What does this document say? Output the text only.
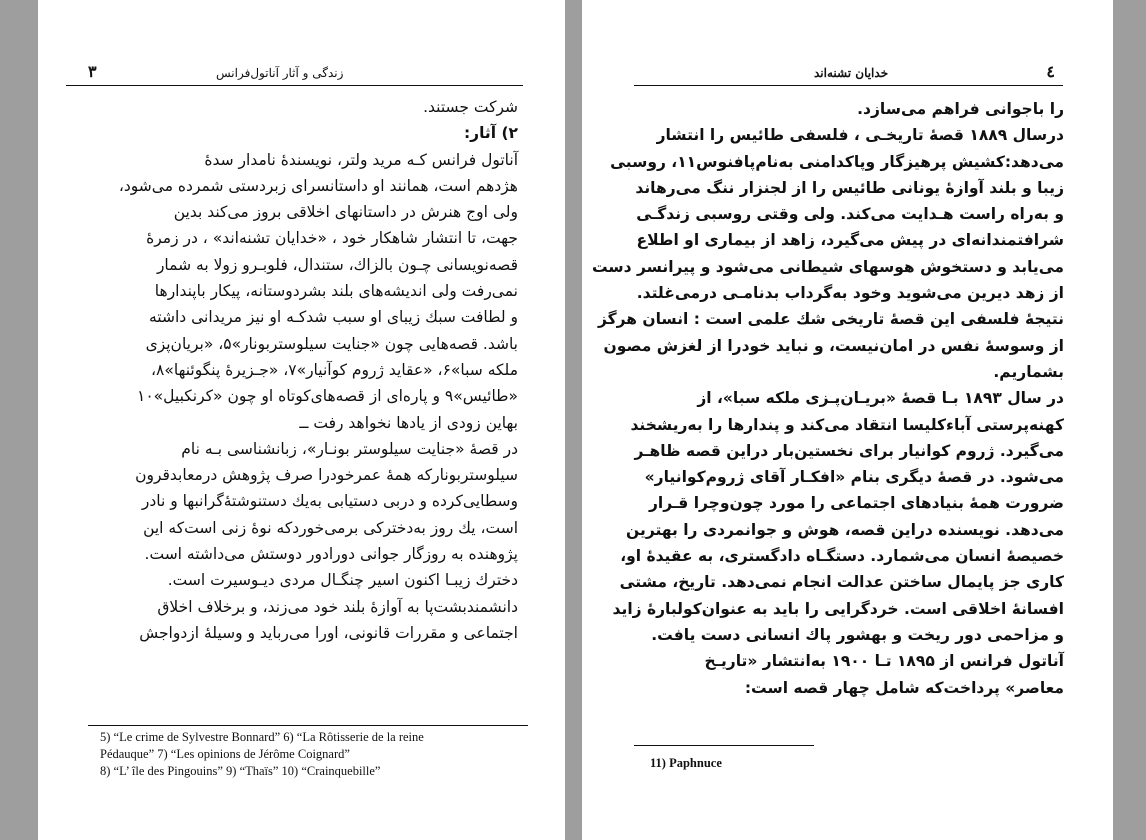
۳	زندگی و آثار آناتول‌فرانس
شرکت جستند.
۲) آثار:
آناتول فرانس کـه مرید ولتر، نویسندهٔ نامدار سدهٔ
هژدهم است، همانند او داستانسرای زبردستی شمرده می‌شود،
ولی اوج هنرش در داستانهای اخلاقی بروز می‌کند بدین
جهت، تا انتشار شاهکار خود ، «خدایان تشنه‌اند» ، در زمرهٔ
قصه‌نویسانی چـون بالزاك، ستندال، فلوبـرو زولا به شمار
نمی‌رفت ولی اندیشه‌های بلند بشردوستانه، پیکار باپندارها
و لطافت سبك زیبای او سبب شدکـه او نیز مریدانی داشته
باشد. قصه‌هایی چون «جنایت سیلوستربونار»۵، «بریان‌پزی
ملکه سبا»۶، «عقاید ژروم کوآنیار»۷، «جـزیرهٔ پنگوئنها»۸،
«طائیس»۹ و پاره‌ای از قصه‌های‌کوتاه او چون «کرنکبیل»۱۰
بهاین زودی از یادها نخواهد رفت ــ
در قصهٔ «جنایت سیلوستر بونـار»، زبانشناسی بـه نام
سیلوستربونارکه همهٔ عمرخودرا صرف پژوهش درمعابدقرون
وسطایی‌کرده و دربی دستیابی به‌یك دستنوشتهٔ‌گرانبها و نادر
است، یك روز به‌دختر‌کی برمی‌خورد‌که نوهٔ زنی است‌که این
پژوهنده به روزگار جوانی دورادور دوستش می‌داشته است.
دخترك زیبـا اکنون اسیر چنگـال مردی دیـوسیرت است.
دانشمندبشت‌پا به آوازهٔ بلند خود می‌زند، و برخلاف اخلاق
اجتماعی و مقررات قانونی، اورا می‌رباید و وسیلهٔ ازدواجش
5) “Le crime de Sylvestre Bonnard” 6) “La Rôtisserie de la reine
Pédauque” 7) “Les opinions de Jérôme Coignard”
8) “L’ île des Pingouins” 9) “Thaïs” 10) “Crainquebille”
خدایان تشنه‌اند	٤
را باجوانی فراهم می‌سازد.
درسال ۱۸۸۹ قصهٔ تاریخـی ، فلسفی طائیس را انتشار
می‌دهد:کشیش پرهیزگار وپاکدامنی به‌نام‌پافنوس۱۱، روسبی
زیبا و بلند آوازهٔ یونانی طائیس را از لجنزار ننگ می‌رهاند
و به‌راه راست هـدایت می‌کند. ولی وقتی روسبی زندگـی
شرافتمندانه‌ای در پیش می‌گیرد، زاهد از بیماری او اطلاع
می‌یابد و دستخوش هوسهای شیطانی می‌شود و پیرانسر دست
از زهد دیرین می‌شوید وخود به‌گرداب بدنامـی درمی‌غلتد.
نتیجهٔ فلسفی این قصهٔ تاریخی شك علمی است : انسان هرگز
از وسوسهٔ نفس در امان‌نیست، و نباید خودرا از لغزش مصون
بشماریم.
در سال ۱۸۹۳ بـا قصهٔ «بریـان‌پـزی ملکه سبا»، از
کهنه‌پرستی آباءکلیسا انتقاد می‌کند و پندارها را به‌ریشخند
می‌گیرد. ژروم کوانیار برای نخستین‌بار دراین قصه ظاهـر
می‌شود. در قصهٔ دیگری بنام «افکـار آقای ژروم‌کوانیار»
ضرورت همهٔ بنیادهای اجتماعی را مورد چون‌وچرا قـرار
می‌دهد. نویسنده دراین قصه، هوش و جوانمردی را بهترین
خصیصهٔ انسان می‌شمارد. دستگـاه دادگستری، به عقیدهٔ او،
کاری جز پایمال ساختن عدالت انجام نمی‌دهد. تاریخ، مشتی
افسانهٔ اخلاقی است. خردگرایی را باید به عنوان‌کولبارهٔ زاید
و مزاحمی دور ریخت و بهشور پاك انسانی دست یافت.
آناتول فرانس از ۱۸۹۵ تـا ۱۹۰۰ به‌انتشار «تاریـخ
معاصر» پرداخت‌که شامل چهار قصه است:
11) Paphnuce
